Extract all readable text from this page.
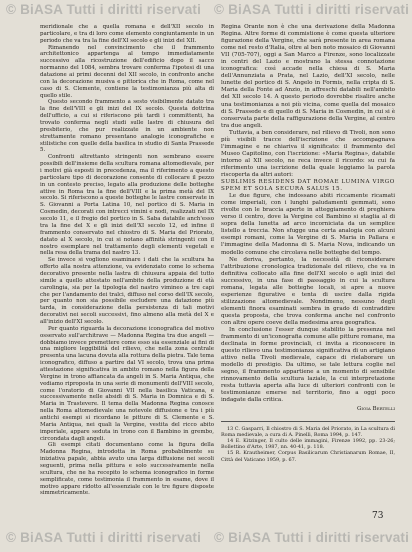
© BiASA Tutti i diritti riservati © BiASA Tutti i diritti riservati
© BiASA Tutti i diritti riservati © BiASA Tutti i diritti riservati

meridionale che a quella romana e dell'XII secolo in particolare, e tra di loro come elemento congiuntamente in un periodo che va tra la fine dell'XI secolo e gli inizi del XII.

Rimanendo nel convincimento che il frammento architettonico appartenga al tempo immediatamente successivo alla ricostruzione dell'edificio dopo il sacco normanno del 1084, sembra trovare conferma l'ipotesi di una datazione ai primi decenni del XII secolo, in confronto anche con la decorazione musiva e pittorica che in Roma, come nel caso di S. Clemente, contiene la testimonianza più alta di quello stile.

Questo secondo frammento a sesto visibilmente datato tra la fine dell'VIII e gli inizi del IX secolo. Questa dottrina dell'ufficio, a cui si riferiscono più tardi i committenti, ha trovato conferma negli studi sulle lastre di chiusura del presbiterio, che pur realizzate in un ambiente non strettamente romano presentano analogie iconografiche e stilistiche con quelle della basilica in studio di Santa Prassede 5.

Confronti altrettanto stringenti non sembrano essere possibili dell'insieme della scultura romana altomedievale, per i motivi già esposti in precedenza, ma il riferimento a questo particolare tipo di decorazione consente di collocare il pezzo in un contesto preciso, legato alla produzione delle botteghe attive in Roma tra la fine dell'VIII e la prima metà del IX secolo. Si riferiscono a queste botteghe le lastre conservate in S. Giovanni a Porta Latina 10, nel portico di S. Maria in Cosmedin, decorati con intrecci vimini e nodi, realizzati nel IX secolo 11, e il fregio del portico in S. Saba databile anch'esso tra la fine del X e gli inizi dell'XI secolo 12, ed infine il frammento conservato nel chiostro di S. Maria del Priorato, datato al X secolo, in cui si notano affinità stringenti con il nostro esemplare nel trattamento degli elementi vegetali e nella resa della trama del nastro 13.

Se invece si vogliono esaminare i dati che la scultura ha offerto alla nostra attenzione, va evidenziato come lo schema decorativo presente nella lastra di chiusura appaia del tutto simile a quello attestato nell'ambito della produzione di età carolingia, sia per la tipologia del nastro vimineo a tre capi che per l'andamento dei tralci, diffuso nel corso dell'IX secolo, per quanto non sia possibile escludere una datazione più tarda, in considerazione della persistenza di tali motivi decorativi nei secoli successivi, fino almeno alla metà del X e all'inizio dell'XI secolo.

Per quanto riguarda la decorazione iconografica del motivo osservato sull'architrave — Madonna Regina tra due angeli — dobbiamo invece premettere come esso sia essenziale ai fini di una migliore leggibilità del rilievo, che nella zona centrale presenta una lacuna dovuta alla rottura della pietra. Tale tema iconografico, diffuso a partire dal VI secolo, trova una prima attestazione significativa in ambito romano nella figura della Vergine in trono affiancata da angeli in S. Maria Antiqua, che vediamo riproposta in una serie di monumenti dell'VIII secolo, come l'oratorio di Giovanni VII nella basilica Vaticana, e successivamente nelle absidi di S. Maria in Domnica e di S. Maria in Trastevere. Il tema della Madonna Regina conosce nella Roma altomedievale una notevole diffusione e tra i più antichi esempi si ricordano le pitture di S. Clemente e S. Maria Antiqua, nei quali la Vergine, vestita del ricco abito imperiale, appare seduta in trono con il Bambino in grembo, circondata dagli angeli.

Gli esempi citati documentano come la figura della Madonna Regina, introdotta in Roma probabilmente su iniziativa papale, abbia avuto una larga diffusione nei secoli seguenti, prima nella pittura e solo successivamente nella scultura, che ne ha recepito lo schema iconografico in forme semplificate, come testimonia il frammento in esame, dove il motivo appare ridotto all'essenziale con le tre figure disposte simmetricamente.

Regina Orante non è che una derivazione della Madonna Regina. Altre forme di commistione è come questa ulteriore figurazione della Vergine, che sarà presente in area romana come nel resto d'Italia, oltre al ben noto mosaico di Giovanni VII (705-707), oggi a San Marco a Firenze, sono localizzate in centri del Lazio e mostrano la stessa connotazione iconografica: così accade nella chiesa di S. Maria dell'Annunziata a Prata, nel Lazio, dell'XI secolo, nelle lunette del portico di S. Angelo in Formis, nella cripta di S. Maria della Fonte ad Anzio, in affreschi databili nell'ambito del XII secolo 14. A questo periodo dovrebbe risalire anche una testimonianza a noi più vicina, come quella del mosaico di S. Prassede e di quello di S. Maria in Cosmedin, in cui si è conservata parte della raffigurazione della Vergine, al centro tra due angeli.

Tuttavia, a ben considerare, nel rilievo di Tivoli, non sono più visibili tracce dell'iscrizione che accompagnava l'immagine e ne chiariva il significato: il frammento del Museo Capitolino, con l'iscrizione: «Maria Regina», databile intorno al XII secolo, ne reca invece il ricordo: su cui fa riferimento una iscrizione della quale leggiamo la parola riscoperta da altri autori:

SUBLIMIS RESIDENS DAT ROMAE LUMINA VIRGO SPEM ET SOLA SECURA SALUS 15.

Le due figure, che indossano abiti riccamente ricamati come imperiali, con i lunghi paludamenti gemmati, sono rivolte con le braccia aperte in atteggiamento di preghiera verso il centro, dove la Vergine col Bambino si staglia al di sopra della lunetta ad arco incorniciata da un semplice listello a treccia. Non sfugge una certa analogia con alcuni esempi romani, come la Vergine di S. Maria in Pallara e l'immagine della Madonna di S. Maria Nova, indicando un modello comune che circolava nelle botteghe del tempo.

Ne deriva, pertanto, la necessità di riconsiderare l'attribuzione cronologica tradizionale del rilievo, che va in definitiva collocato alla fine dell'XI secolo o agli inizi del successivo, in una fase di passaggio in cui la scultura romana, legata alle botteghe locali, si apre a nuove esperienze figurative e tenta di uscire dalla rigida stilizzazione altomedievale. Nondimeno, nessuno degli elementi finora esaminati sembra in grado di contraddire questa proposta, che trova conferma anche nel confronto con altre opere coeve della medesima area geografica.

In conclusione l'esser dunque stabilito la presenza nel frammento di un'iconografia comune alle pitture romane, ma declinata in forme provinciali, ci invita a riconoscere in questo rilievo una testimonianza significativa di un artigiano attivo nella Tivoli medievale, capace di rielaborare un modello di prestigio. Da ultimo, se tale lettura coglie nel segno, il frammento appartiene a un momento di sensibile rinnovamento della scultura laziale, la cui interpretazione resta tuttavia aperta alla luce di ulteriori confronti con le testimonianze emerse nel territorio, fino a oggi poco indagate dalla critica.

Gioia Bertelli

13 C. Gasparri, Il chiostro di S. Maria del Priorato, in La scultura di Roma medievale, a cura di A. Pinelli, Roma 1994, p. 147.

14 E. Kitzinger, Il culto delle immagini, Firenze 1992, pp. 23-26; Bollettino d'Arte, 1987, nn. 40-41, p. 118.

15 R. Krautheimer, Corpus Basilicarum Christianarum Romae, II, Città del Vaticano 1959, p. 67.

73
